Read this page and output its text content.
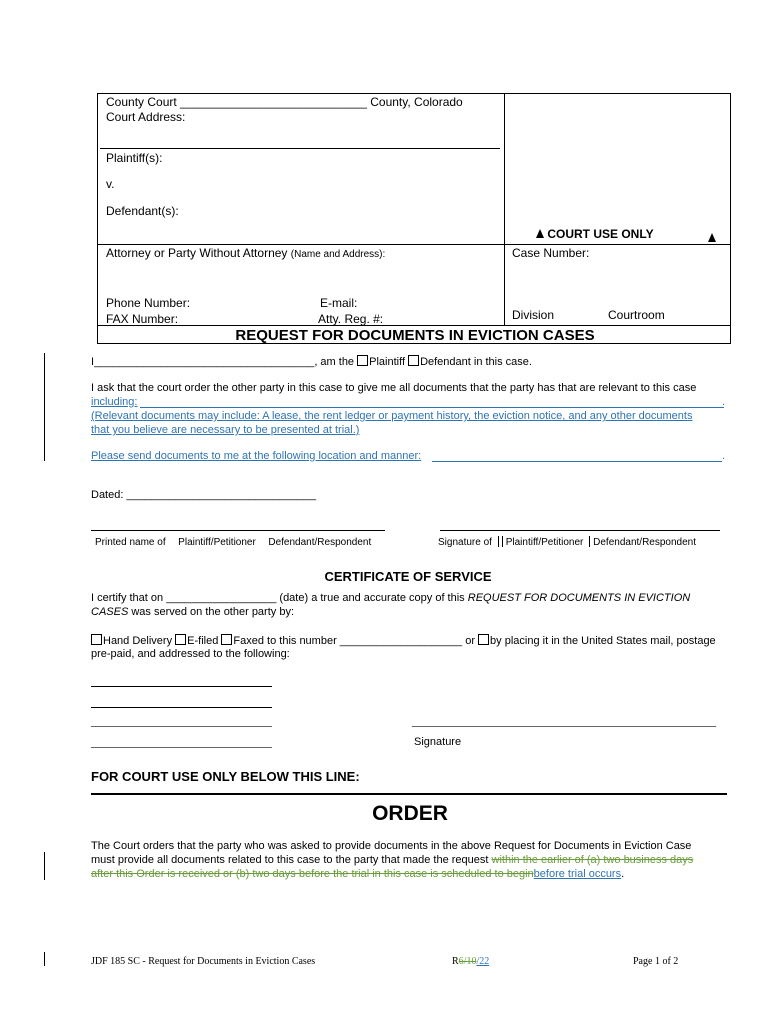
County Court ____________________________ County, Colorado
Court Address:
Plaintiff(s):
v.
Defendant(s):
COURT USE ONLY
Attorney or Party Without Attorney (Name and Address):	Case Number:
Phone Number:	E-mail:
FAX Number:	Atty. Reg. #:	Division	Courtroom
REQUEST FOR DOCUMENTS IN EVICTION CASES
I____________________________________, am the Plaintiff Defendant in this case.
I ask that the court order the other party in this case to give me all documents that the party has that are relevant to this case
including:	.
(Relevant documents may include: A lease, the rent ledger or payment history, the eviction notice, and any other documents
that you believe are necessary to be presented at trial.)
Please send documents to me at the following location and manner:	.
Dated: _______________________________
Printed name of Plaintiff/Petitioner Defendant/Respondent	Signature of Plaintiff/Petitioner Defendant/Respondent
CERTIFICATE OF SERVICE
I certify that on __________________ (date) a true and accurate copy of this REQUEST FOR DOCUMENTS IN EVICTION
CASES was served on the other party by:
Hand Delivery E-filed Faxed to this number ____________________ or by placing it in the United States mail, postage
pre-paid, and addressed to the following:
Signature
FOR COURT USE ONLY BELOW THIS LINE:
ORDER
The Court orders that the party who was asked to provide documents in the above Request for Documents in Eviction Case
must provide all documents related to this case to the party that made the request within the earlier of (a) two business days
after this Order is received or (b) two days before the trial in this case is scheduled to beginbefore trial occurs.
JDF 185 SC - Request for Documents in Eviction Cases	R6/10/22	Page 1 of 2
